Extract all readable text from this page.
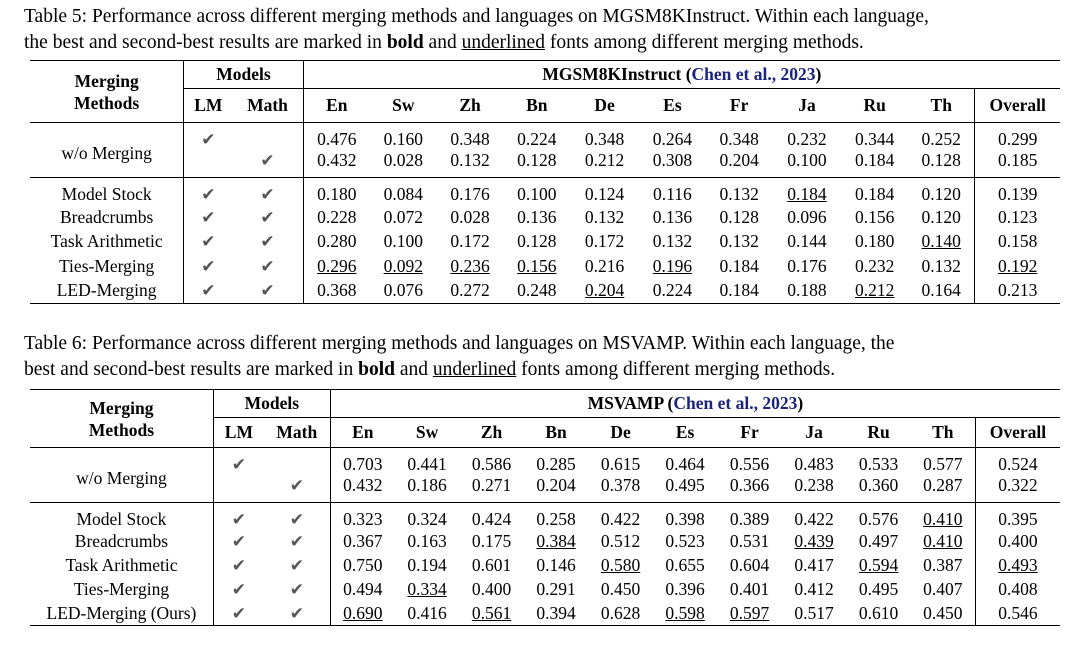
Table 5: Performance across different merging methods and languages on MGSM8KInstruct. Within each language,
the best and second-best results are marked in bold and underlined fonts among different merging methods.
Merging
Methods	Models		MGSM8KInstruct (Chen et al., 2023)										
	LM	Math	En	Sw	Zh	Bn	De	Es	Fr	Ja	Ru	Th	Overall
w/o Merging	✔		0.476	0.160	0.348	0.224	0.348	0.264	0.348	0.232	0.344	0.252	0.299
		✔	0.432	0.028	0.132	0.128	0.212	0.308	0.204	0.100	0.184	0.128	0.185
Model Stock	✔	✔	0.180	0.084	0.176	0.100	0.124	0.116	0.132	0.184	0.184	0.120	0.139
Breadcrumbs	✔	✔	0.228	0.072	0.028	0.136	0.132	0.136	0.128	0.096	0.156	0.120	0.123
Task Arithmetic	✔	✔	0.280	0.100	0.172	0.128	0.172	0.132	0.132	0.144	0.180	0.140	0.158
Ties-Merging	✔	✔	0.296	0.092	0.236	0.156	0.216	0.196	0.184	0.176	0.232	0.132	0.192
LED-Merging	✔	✔	0.368	0.076	0.272	0.248	0.204	0.224	0.184	0.188	0.212	0.164	0.213
Table 6: Performance across different merging methods and languages on MSVAMP. Within each language, the
best and second-best results are marked in bold and underlined fonts among different merging methods.
Merging
Methods	Models		MSVAMP (Chen et al., 2023)										
	LM	Math	En	Sw	Zh	Bn	De	Es	Fr	Ja	Ru	Th	Overall
w/o Merging	✔		0.703	0.441	0.586	0.285	0.615	0.464	0.556	0.483	0.533	0.577	0.524
		✔	0.432	0.186	0.271	0.204	0.378	0.495	0.366	0.238	0.360	0.287	0.322
Model Stock	✔	✔	0.323	0.324	0.424	0.258	0.422	0.398	0.389	0.422	0.576	0.410	0.395
Breadcrumbs	✔	✔	0.367	0.163	0.175	0.384	0.512	0.523	0.531	0.439	0.497	0.410	0.400
Task Arithmetic	✔	✔	0.750	0.194	0.601	0.146	0.580	0.655	0.604	0.417	0.594	0.387	0.493
Ties-Merging	✔	✔	0.494	0.334	0.400	0.291	0.450	0.396	0.401	0.412	0.495	0.407	0.408
LED-Merging (Ours)	✔	✔	0.690	0.416	0.561	0.394	0.628	0.598	0.597	0.517	0.610	0.450	0.546
